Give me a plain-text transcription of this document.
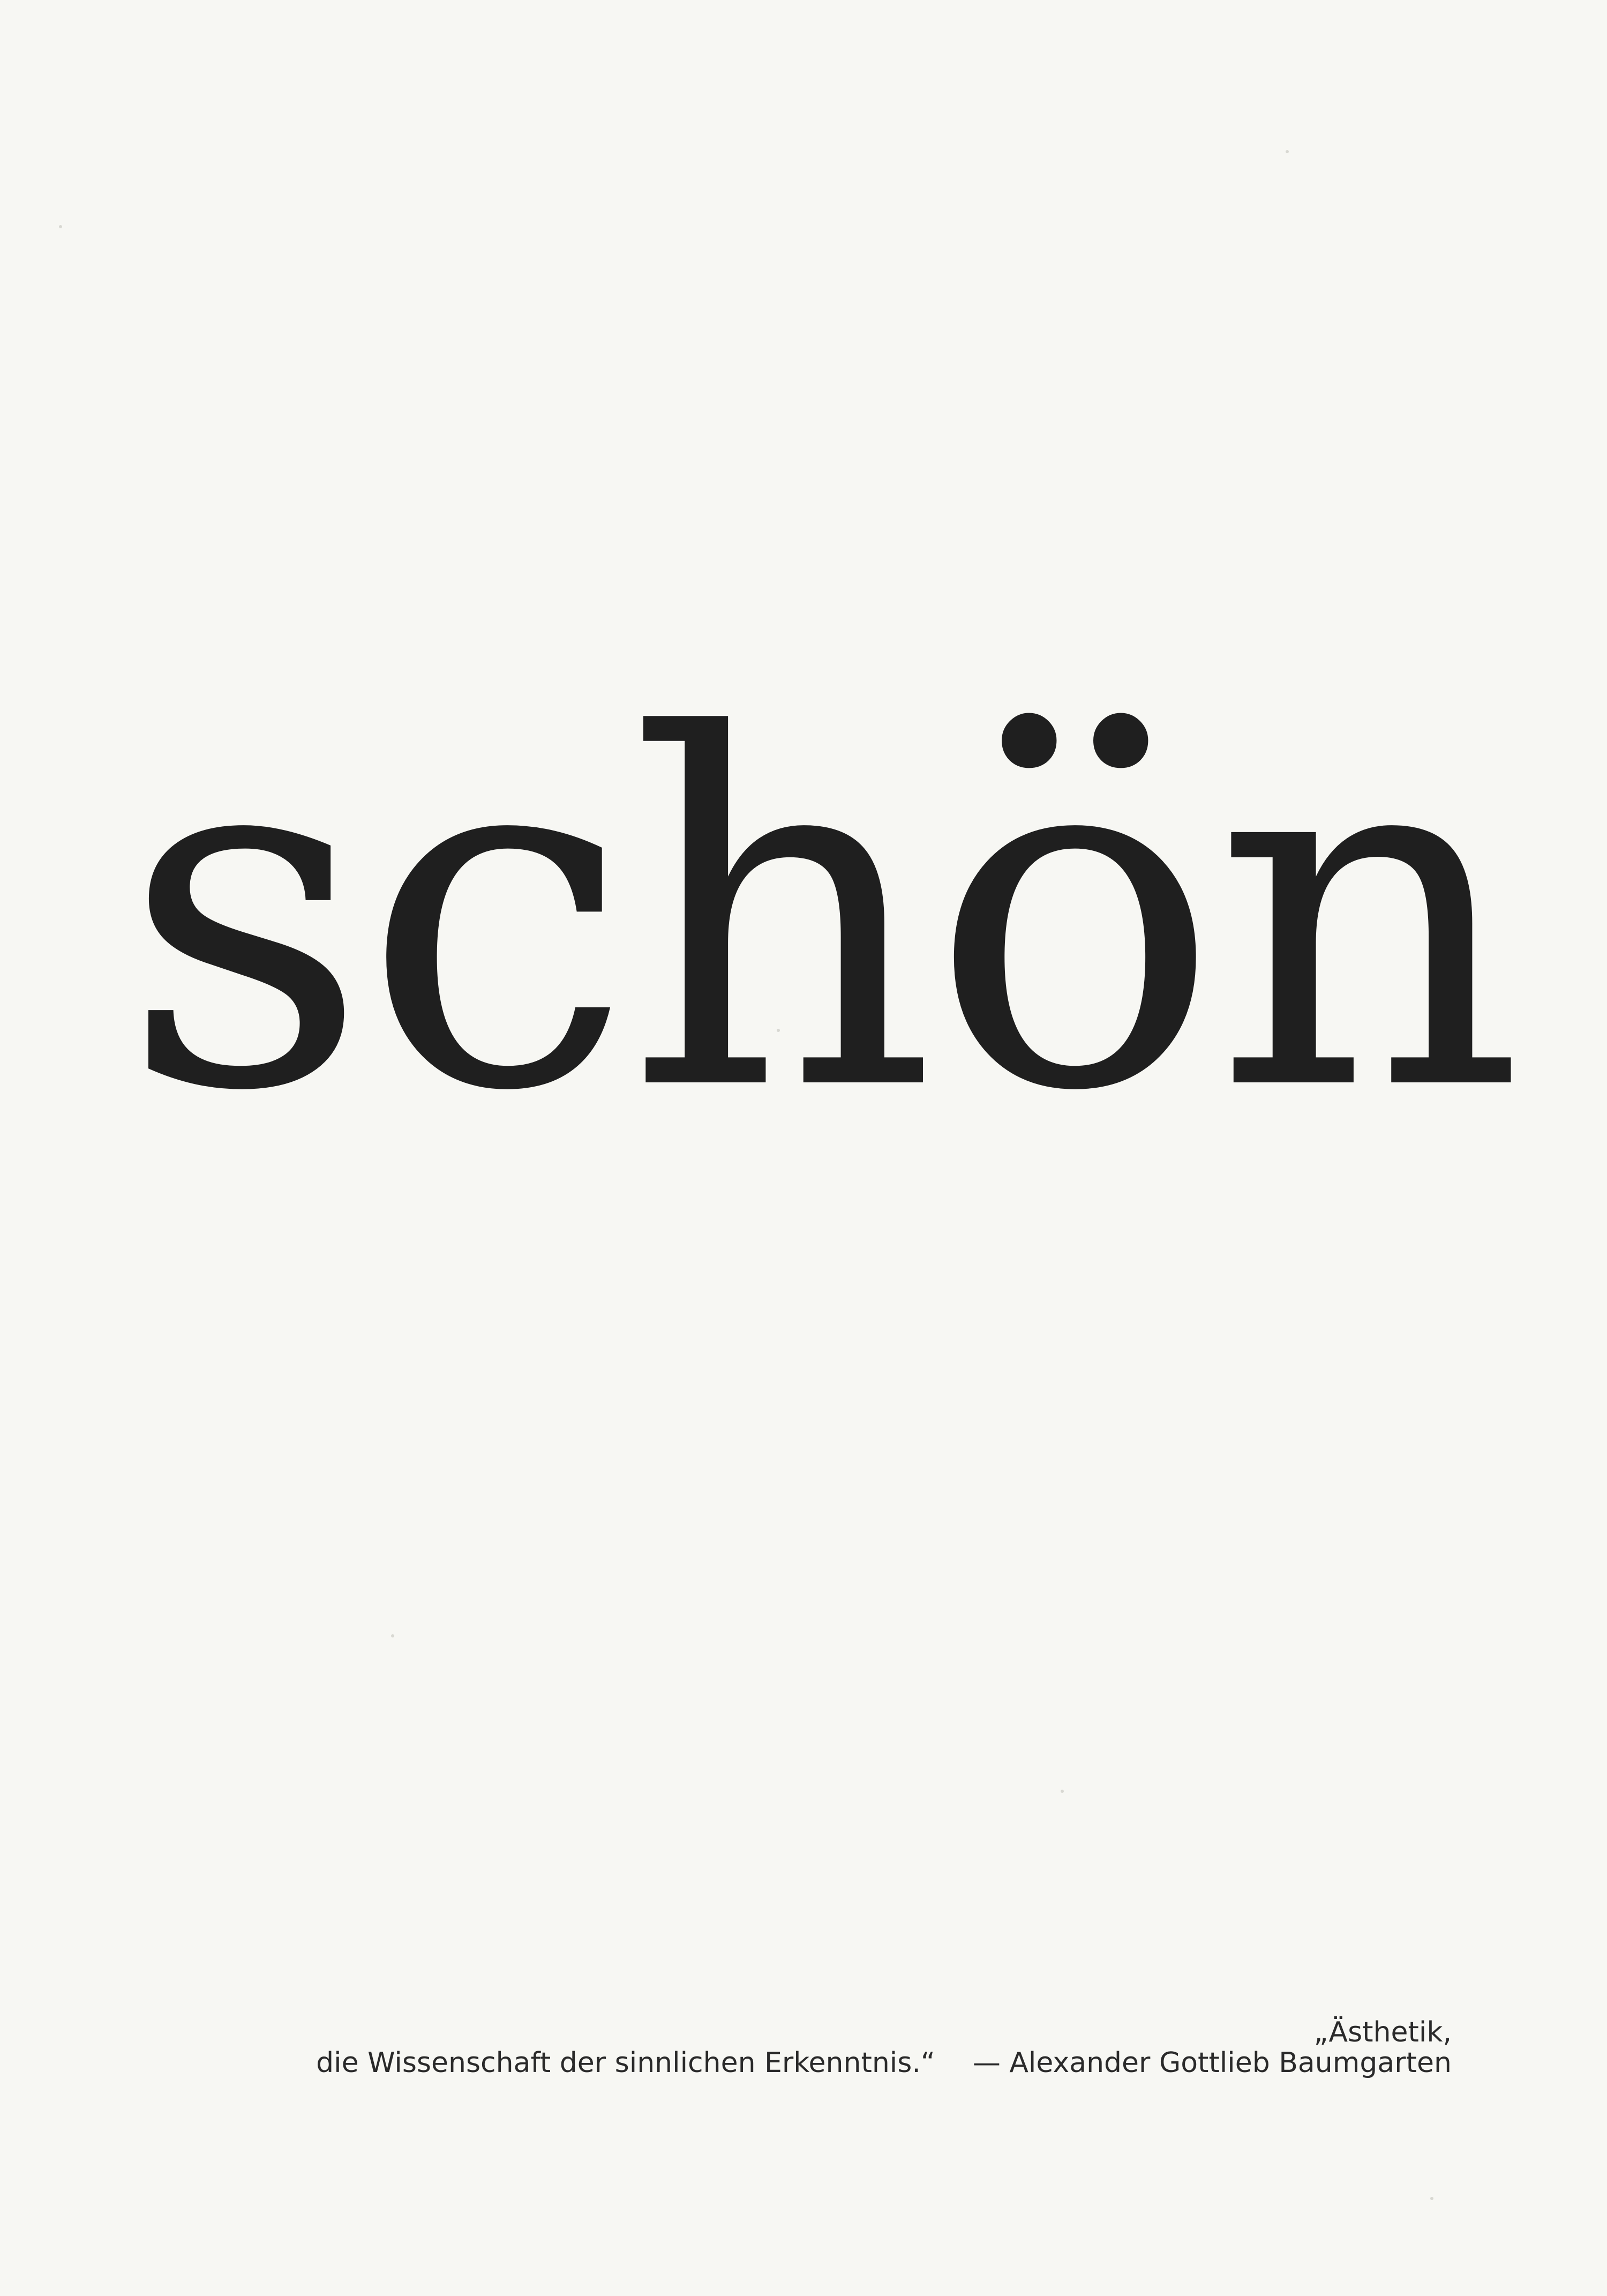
schön
„Ästhetik,
die Wissenschaft der sinnlichen Erkenntnis.“ — Alexander Gottlieb Baumgarten
